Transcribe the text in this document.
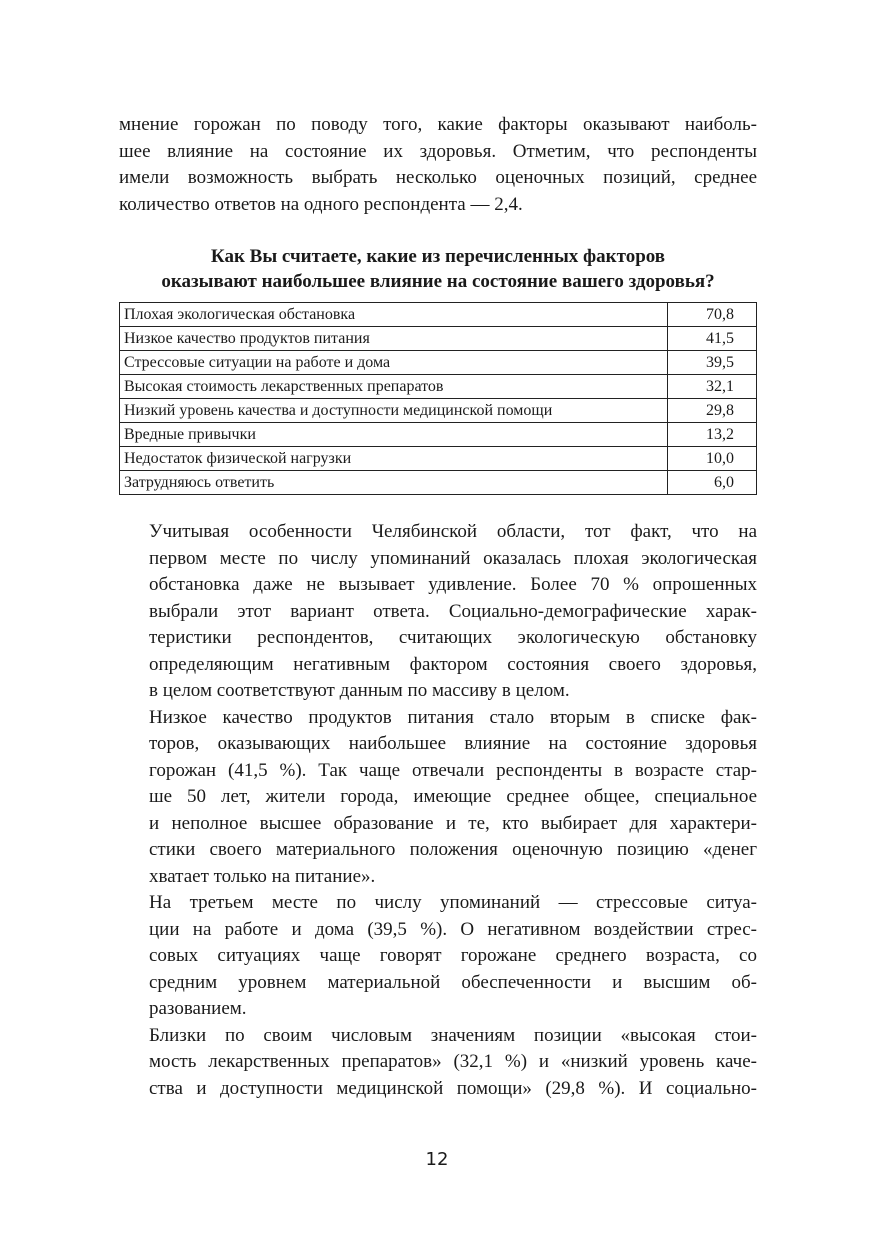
мнение горожан по поводу того, какие факторы оказывают наиболь-
шее влияние на состояние их здоровья. Отметим, что респонденты
имели возможность выбрать несколько оценочных позиций, среднее
количество ответов на одного респондента — 2,4.

Как Вы считаете, какие из перечисленных факторов
оказывают наибольшее влияние на состояние вашего здоровья?
Плохая экологическая обстановка	70,8
Низкое качество продуктов питания	41,5
Стрессовые ситуации на работе и дома	39,5
Высокая стоимость лекарственных препаратов	32,1
Низкий уровень качества и доступности медицинской помощи	29,8
Вредные привычки	13,2
Недостаток физической нагрузки	10,0
Затрудняюсь ответить	6,0

Учитывая особенности Челябинской области, тот факт, что на
первом месте по числу упоминаний оказалась плохая экологическая
обстановка даже не вызывает удивление. Более 70 % опрошенных
выбрали этот вариант ответа. Социально-демографические харак-
теристики респондентов, считающих экологическую обстановку
определяющим негативным фактором состояния своего здоровья,
в целом соответствуют данным по массиву в целом.

Низкое качество продуктов питания стало вторым в списке фак-
торов, оказывающих наибольшее влияние на состояние здоровья
горожан (41,5 %). Так чаще отвечали респонденты в возрасте стар-
ше 50 лет, жители города, имеющие среднее общее, специальное
и неполное высшее образование и те, кто выбирает для характери-
стики своего материального положения оценочную позицию «денег
хватает только на питание».

На третьем месте по числу упоминаний — стрессовые ситуа-
ции на работе и дома (39,5 %). О негативном воздействии стрес-
совых ситуациях чаще говорят горожане среднего возраста, со
средним уровнем материальной обеспеченности и высшим об-
разованием.

Близки по своим числовым значениям позиции «высокая стои-
мость лекарственных препаратов» (32,1 %) и «низкий уровень каче-
ства и доступности медицинской помощи» (29,8 %). И социально-

12
